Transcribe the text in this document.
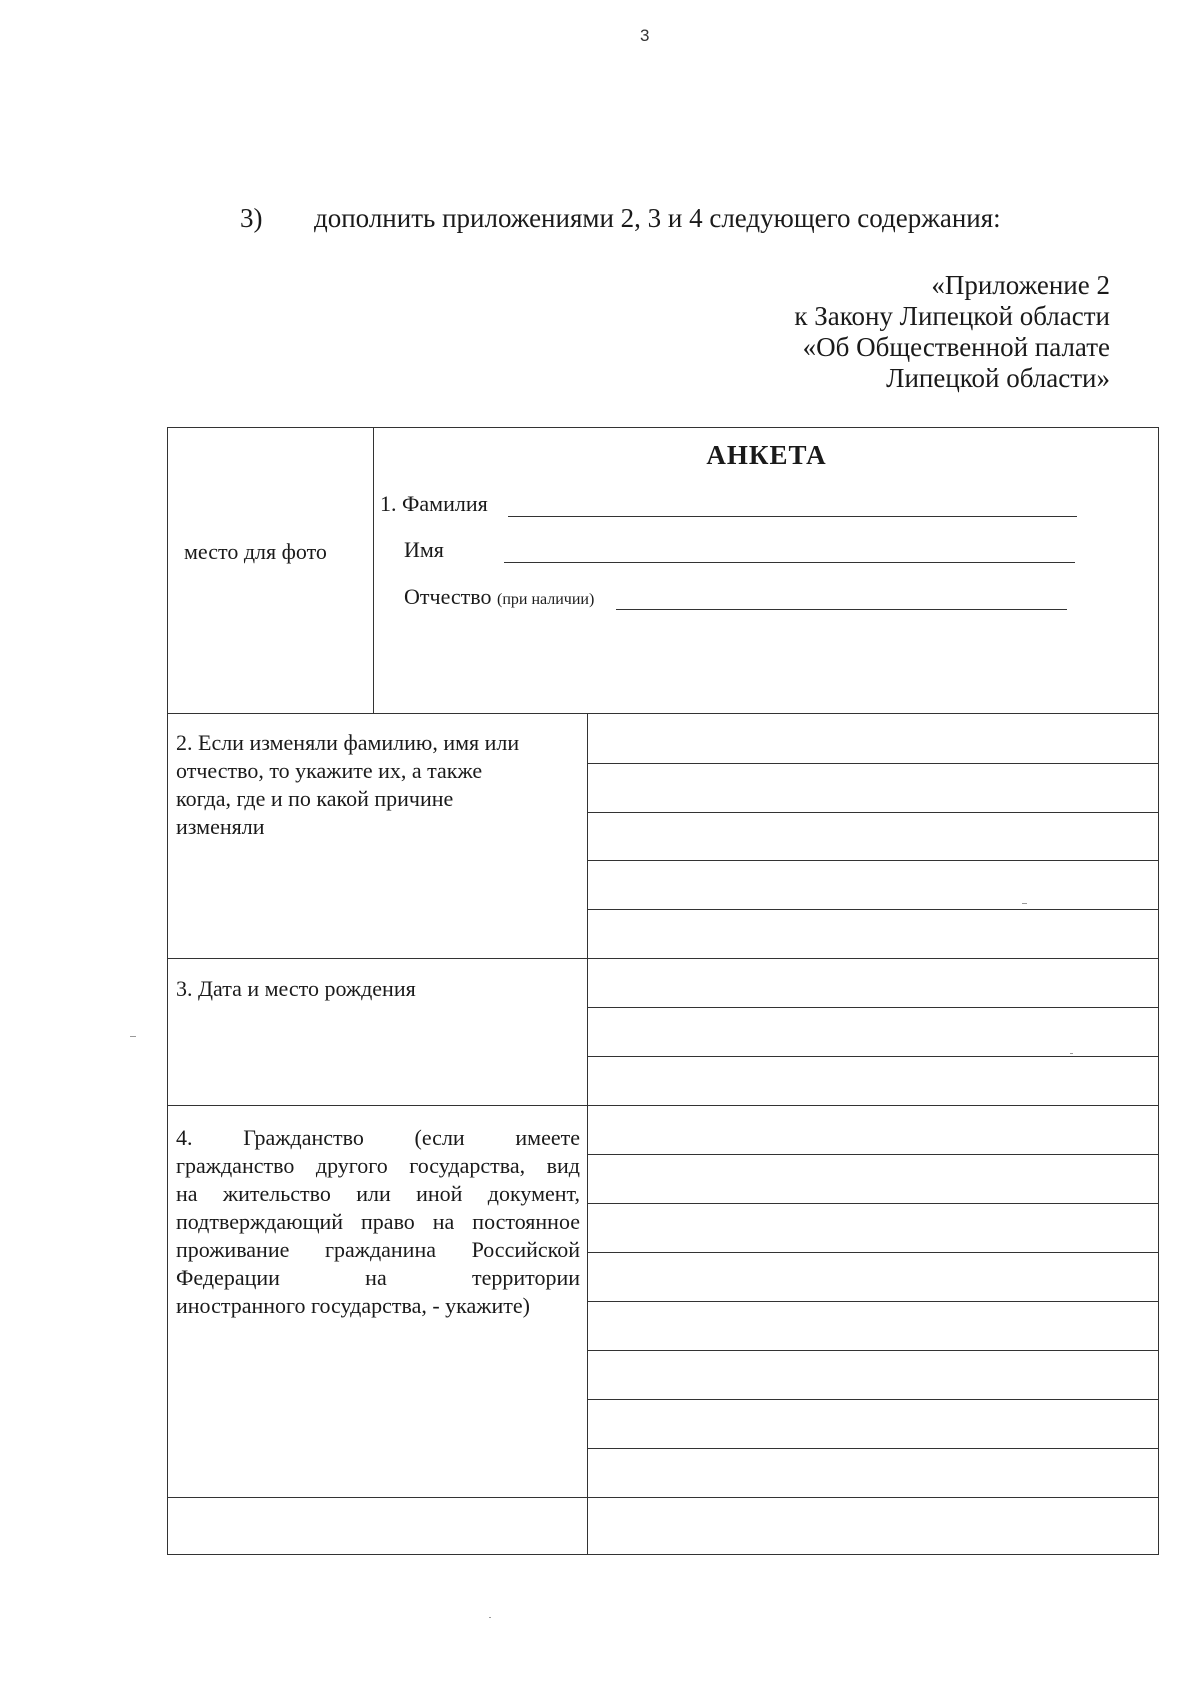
3
3) дополнить приложениями 2, 3 и 4 следующего содержания:
«Приложение 2
к Закону Липецкой области
«Об Общественной палате
Липецкой области»
АНКЕТА
место для фото
1. Фамилия
Имя
Отчество (при наличии)
2. Если изменяли фамилию, имя или
отчество, то укажите их, а также
когда, где и по какой причине
изменяли
3. Дата и место рождения
4.      Гражданство      (если      имеете
гражданство другого государства, вид
на жительство или иной документ,
подтверждающий право на постоянное
проживание гражданина Российской
Федерации        на        территории
иностранного государства, - укажите)
